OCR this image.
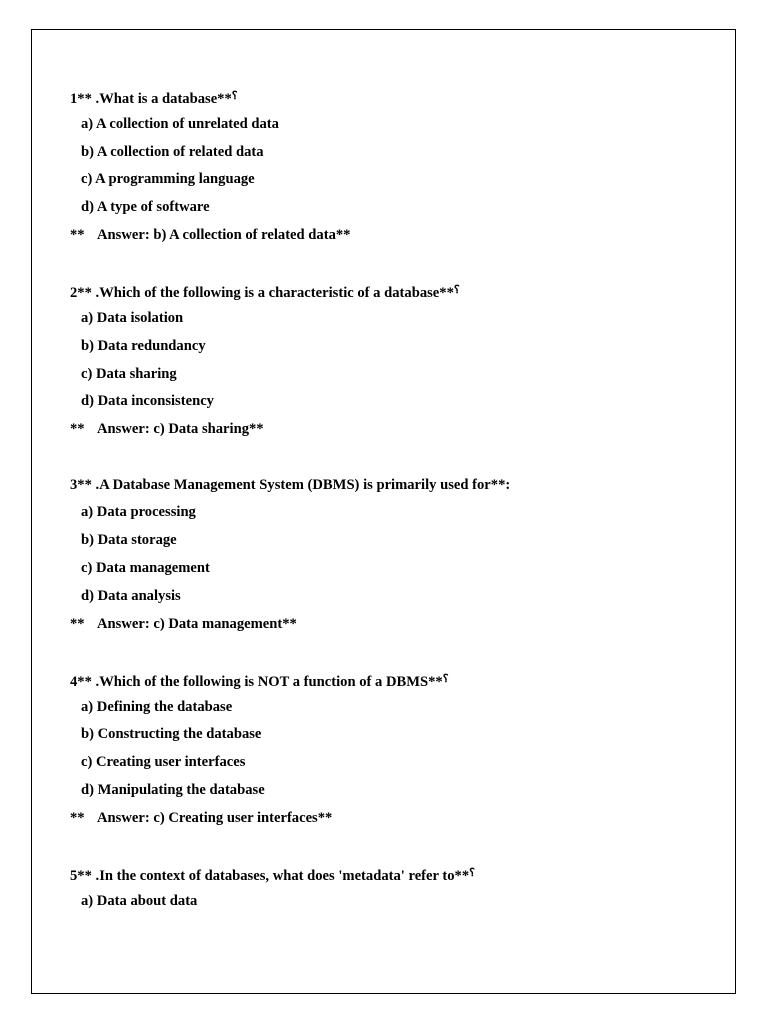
1** .What is a database**؟
a) A collection of unrelated data
b) A collection of related data
c) A programming language
d) A type of software
** Answer: b) A collection of related data**
2** .Which of the following is a characteristic of a database**؟
a) Data isolation
b) Data redundancy
c) Data sharing
d) Data inconsistency
** Answer: c) Data sharing**
3** .A Database Management System (DBMS) is primarily used for**:
a) Data processing
b) Data storage
c) Data management
d) Data analysis
** Answer: c) Data management**
4** .Which of the following is NOT a function of a DBMS**؟
a) Defining the database
b) Constructing the database
c) Creating user interfaces
d) Manipulating the database
** Answer: c) Creating user interfaces**
5** .In the context of databases, what does 'metadata' refer to**؟
a) Data about data
